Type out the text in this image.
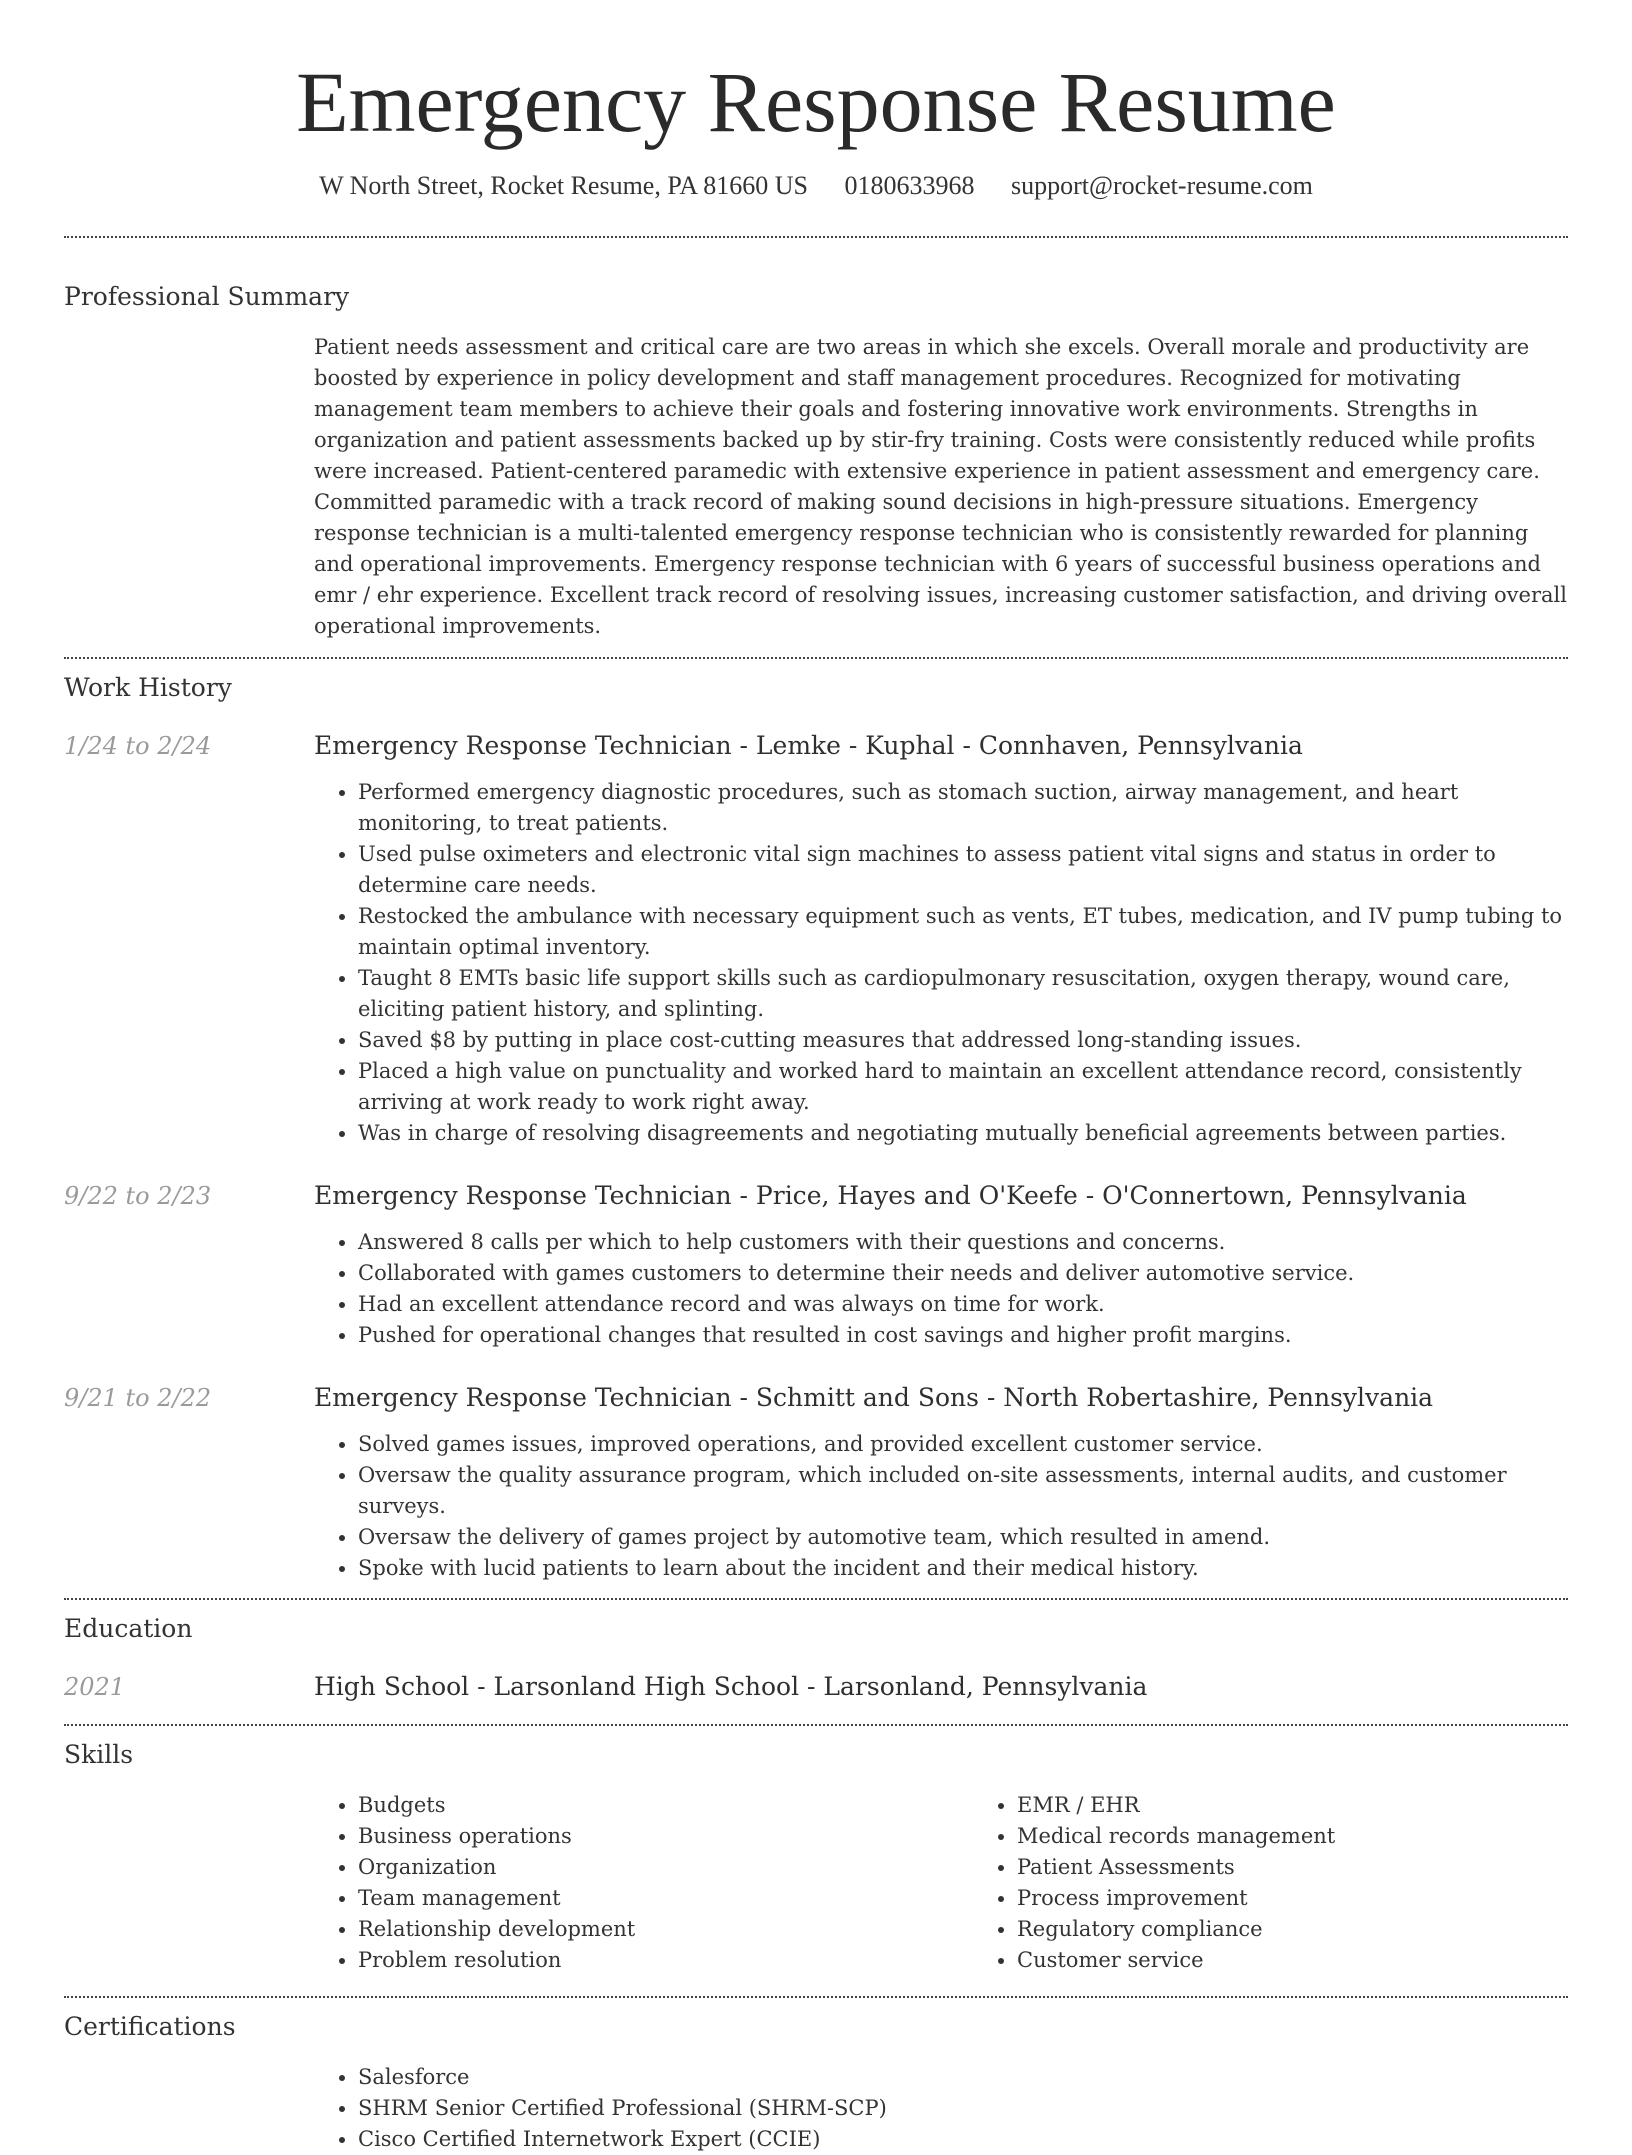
Emergency Response Resume
W North Street, Rocket Resume, PA 81660 US 0180633968 support@rocket-resume.com
Professional Summary

Patient needs assessment and critical care are two areas in which she excels. Overall morale and productivity are boosted by experience in policy development and staff management procedures. Recognized for motivating management team members to achieve their goals and fostering innovative work environments. Strengths in organization and patient assessments backed up by stir-fry training. Costs were consistently reduced while profits were increased. Patient-centered paramedic with extensive experience in patient assessment and emergency care. Committed paramedic with a track record of making sound decisions in high-pressure situations. Emergency response technician is a multi-talented emergency response technician who is consistently rewarded for planning and operational improvements. Emergency response technician with 6 years of successful business operations and emr / ehr experience. Excellent track record of resolving issues, increasing customer satisfaction, and driving overall operational improvements.

Work History
1/24 to 2/24	Emergency Response Technician - Lemke - Kuphal - Connhaven, Pennsylvania

• Performed emergency diagnostic procedures, such as stomach suction, airway management, and heart monitoring, to treat patients.
• Used pulse oximeters and electronic vital sign machines to assess patient vital signs and status in order to determine care needs.
• Restocked the ambulance with necessary equipment such as vents, ET tubes, medication, and IV pump tubing to maintain optimal inventory.
• Taught 8 EMTs basic life support skills such as cardiopulmonary resuscitation, oxygen therapy, wound care, eliciting patient history, and splinting.
• Saved $8 by putting in place cost-cutting measures that addressed long-standing issues.
• Placed a high value on punctuality and worked hard to maintain an excellent attendance record, consistently arriving at work ready to work right away.
• Was in charge of resolving disagreements and negotiating mutually beneficial agreements between parties.
9/22 to 2/23	Emergency Response Technician - Price, Hayes and O'Keefe - O'Connertown, Pennsylvania

• Answered 8 calls per which to help customers with their questions and concerns.
• Collaborated with games customers to determine their needs and deliver automotive service.
• Had an excellent attendance record and was always on time for work.
• Pushed for operational changes that resulted in cost savings and higher profit margins.
9/21 to 2/22	Emergency Response Technician - Schmitt and Sons - North Robertashire, Pennsylvania

• Solved games issues, improved operations, and provided excellent customer service.
• Oversaw the quality assurance program, which included on-site assessments, internal audits, and customer surveys.
• Oversaw the delivery of games project by automotive team, which resulted in amend.
• Spoke with lucid patients to learn about the incident and their medical history.
Education
2021	High School - Larsonland High School - Larsonland, Pennsylvania

Skills
• Budgets
• Business operations
• Organization
• Team management
• Relationship development
• Problem resolution
• EMR / EHR
• Medical records management
• Patient Assessments
• Process improvement
• Regulatory compliance
• Customer service
Certifications
• Salesforce
• SHRM Senior Certified Professional (SHRM-SCP)
• Cisco Certified Internetwork Expert (CCIE)
